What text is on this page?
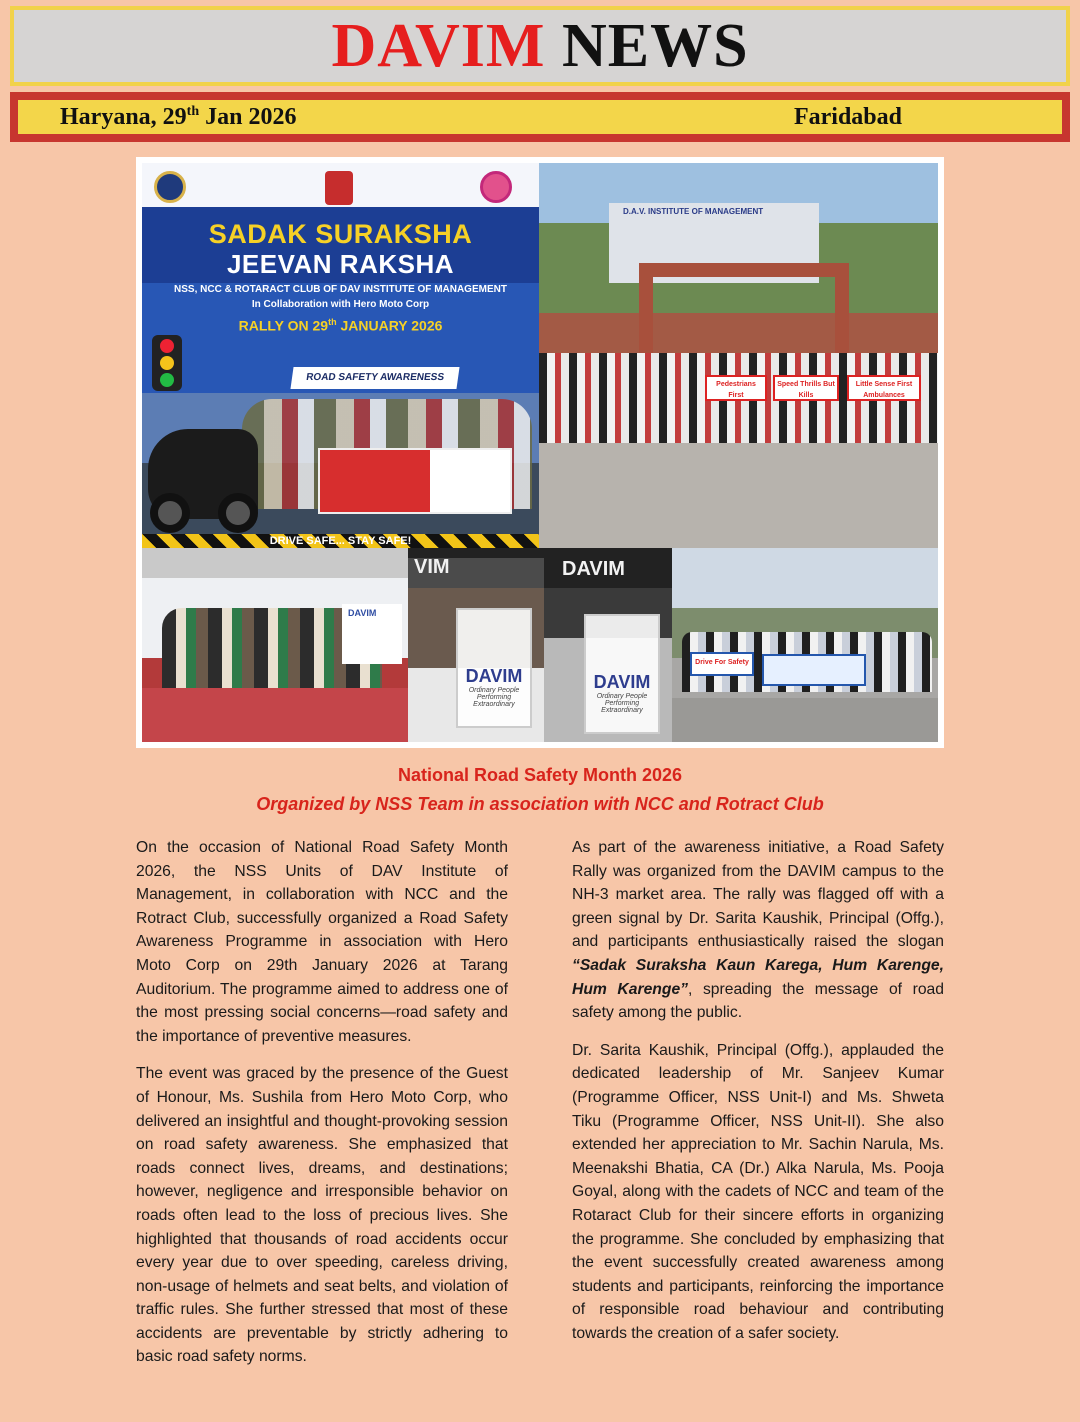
DAVIM NEWS
Haryana, 29th Jan 2026	Faridabad
SADAK SURAKSHA
JEEVAN RAKSHA
NSS, NCC & ROTARACT CLUB OF DAV INSTITUTE OF MANAGEMENT
In Collaboration with Hero Moto Corp
RALLY ON 29th JANUARY 2026
ROAD SAFETY AWARENESS
DRIVE SAFE... STAY SAFE!
D.A.V. INSTITUTE OF MANAGEMENT
Pedestrians First
Speed Thrills But Kills
Little Sense First Ambulances
DAVIM
VIM
DAVIM
Ordinary People Performing Extraordinary
DAVIM
DAVIM
Ordinary People Performing Extraordinary
Drive For Safety
National Road Safety Month 2026
Organized by NSS Team in association with NCC and Rotract Club

On the occasion of National Road Safety Month 2026, the NSS Units of DAV Institute of Management, in collaboration with NCC and the Rotract Club, successfully organized a Road Safety Awareness Programme in association with Hero Moto Corp on 29th January 2026 at Tarang Auditorium. The programme aimed to address one of the most pressing social concerns—road safety and the importance of preventive measures.

The event was graced by the presence of the Guest of Honour, Ms. Sushila from Hero Moto Corp, who delivered an insightful and thought-provoking session on road safety awareness. She emphasized that roads connect lives, dreams, and destinations; however, negligence and irresponsible behavior on roads often lead to the loss of precious lives. She highlighted that thousands of road accidents occur every year due to over speeding, careless driving, non-usage of helmets and seat belts, and violation of traffic rules. She further stressed that most of these accidents are preventable by strictly adhering to basic road safety norms.

As part of the awareness initiative, a Road Safety Rally was organized from the DAVIM campus to the NH-3 market area. The rally was flagged off with a green signal by Dr. Sarita Kaushik, Principal (Offg.), and participants enthusiastically raised the slogan “Sadak Suraksha Kaun Karega, Hum Karenge, Hum Karenge”, spreading the message of road safety among the public.

Dr. Sarita Kaushik, Principal (Offg.), applauded the dedicated leadership of Mr. Sanjeev Kumar (Programme Officer, NSS Unit-I) and Ms. Shweta Tiku (Programme Officer, NSS Unit-II). She also extended her appreciation to Mr. Sachin Narula, Ms. Meenakshi Bhatia, CA (Dr.) Alka Narula, Ms. Pooja Goyal, along with the cadets of NCC and team of the Rotaract Club for their sincere efforts in organizing the programme. She concluded by emphasizing that the event successfully created awareness among students and participants, reinforcing the importance of responsible road behaviour and contributing towards the creation of a safer society.
